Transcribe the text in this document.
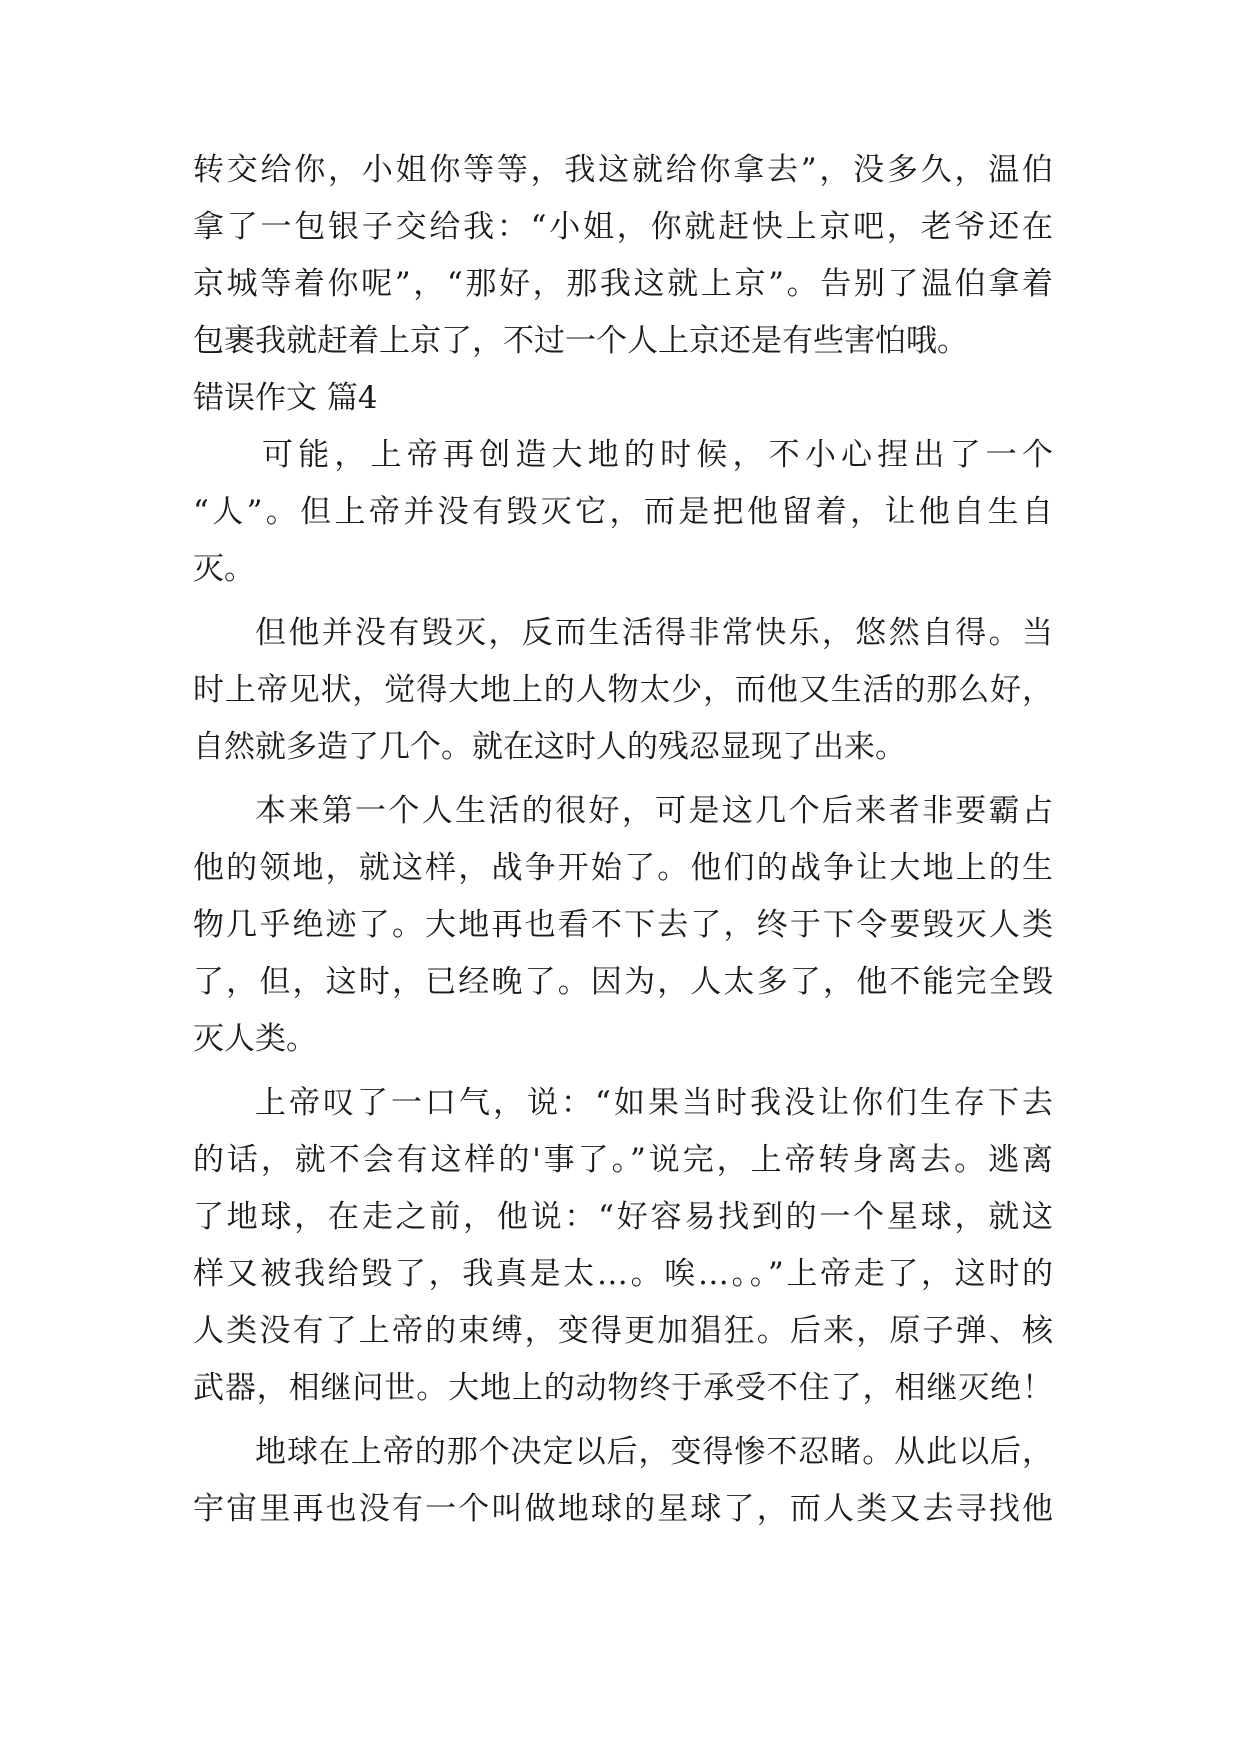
转交给你，小姐你等等，我这就给你拿去”，没多久，温伯
拿了一包银子交给我：“小姐，你就赶快上京吧，老爷还在
京城等着你呢”，“那好，那我这就上京”。告别了温伯拿着
包裹我就赶着上京了，不过一个人上京还是有些害怕哦。
错误作文 篇4
可能，上帝再创造大地的时候，不小心捏出了一个
“人”。但上帝并没有毁灭它，而是把他留着，让他自生自
灭。
但他并没有毁灭，反而生活得非常快乐，悠然自得。当
时上帝见状，觉得大地上的人物太少，而他又生活的那么好，
自然就多造了几个。就在这时人的残忍显现了出来。
本来第一个人生活的很好，可是这几个后来者非要霸占
他的领地，就这样，战争开始了。他们的战争让大地上的生
物几乎绝迹了。大地再也看不下去了，终于下令要毁灭人类
了，但，这时，已经晚了。因为，人太多了，他不能完全毁
灭人类。
上帝叹了一口气，说：“如果当时我没让你们生存下去
的话，就不会有这样的'事了。”说完，上帝转身离去。逃离
了地球，在走之前，他说：“好容易找到的一个星球，就这
样又被我给毁了，我真是太…。唉…。。”上帝走了，这时的
人类没有了上帝的束缚，变得更加猖狂。后来，原子弹、核
武器，相继问世。大地上的动物终于承受不住了，相继灭绝！
地球在上帝的那个决定以后，变得惨不忍睹。从此以后，
宇宙里再也没有一个叫做地球的星球了，而人类又去寻找他
